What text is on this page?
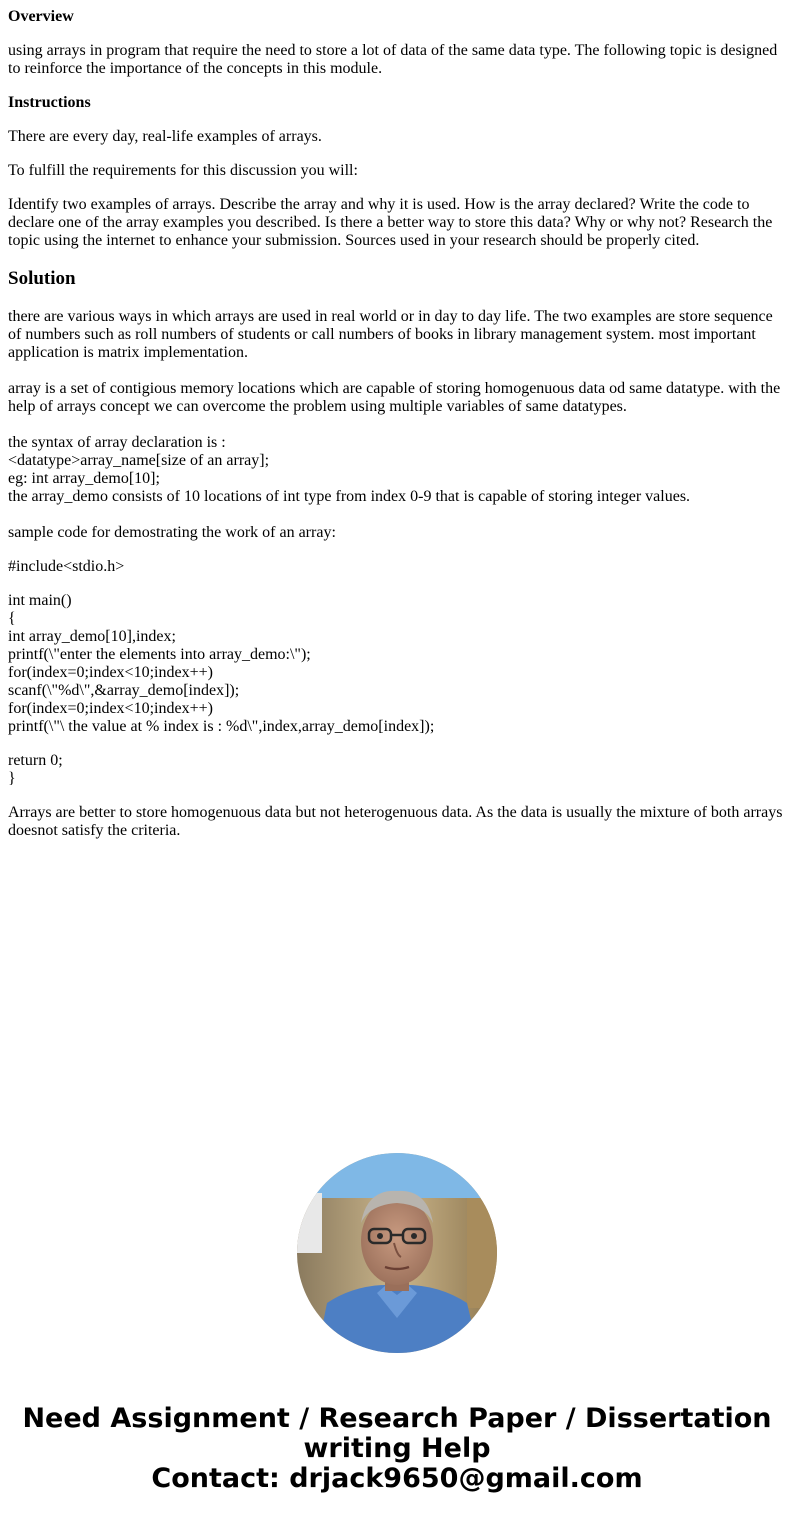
Overview

using arrays in program that require the need to store a lot of data of the same data type. The following topic is designed to reinforce the importance of the concepts in this module.

Instructions

There are every day, real-life examples of arrays.

To fulfill the requirements for this discussion you will:

Identify two examples of arrays. Describe the array and why it is used. How is the array declared? Write the code to declare one of the array examples you described. Is there a better way to store this data? Why or why not? Research the topic using the internet to enhance your submission. Sources used in your research should be properly cited.

Solution

there are various ways in which arrays are used in real world or in day to day life. The two examples are store sequence of numbers such as roll numbers of students or call numbers of books in library management system. most important application is matrix implementation.

array is a set of contigious memory locations which are capable of storing homogenuous data od same datatype. with the help of arrays concept we can overcome the problem using multiple variables of same datatypes.

the syntax of array declaration is :
<datatype>array_name[size of an array];
eg: int array_demo[10];
the array_demo consists of 10 locations of int type from index 0-9 that is capable of storing integer values.

sample code for demostrating the work of an array:

#include<stdio.h>

int main()
{
int array_demo[10],index;
printf(\"enter the elements into array_demo:\");
for(index=0;index<10;index++)
scanf(\"%d\",&array_demo[index]);
for(index=0;index<10;index++)
printf(\"\ the value at % index is : %d\",index,array_demo[index]);

return 0;
}

Arrays are better to store homogenuous data but not heterogenuous data. As the data is usually the mixture of both arrays doesnot satisfy the criteria.

Need Assignment / Research Paper / Dissertation
writing Help
Contact: drjack9650@gmail.com
